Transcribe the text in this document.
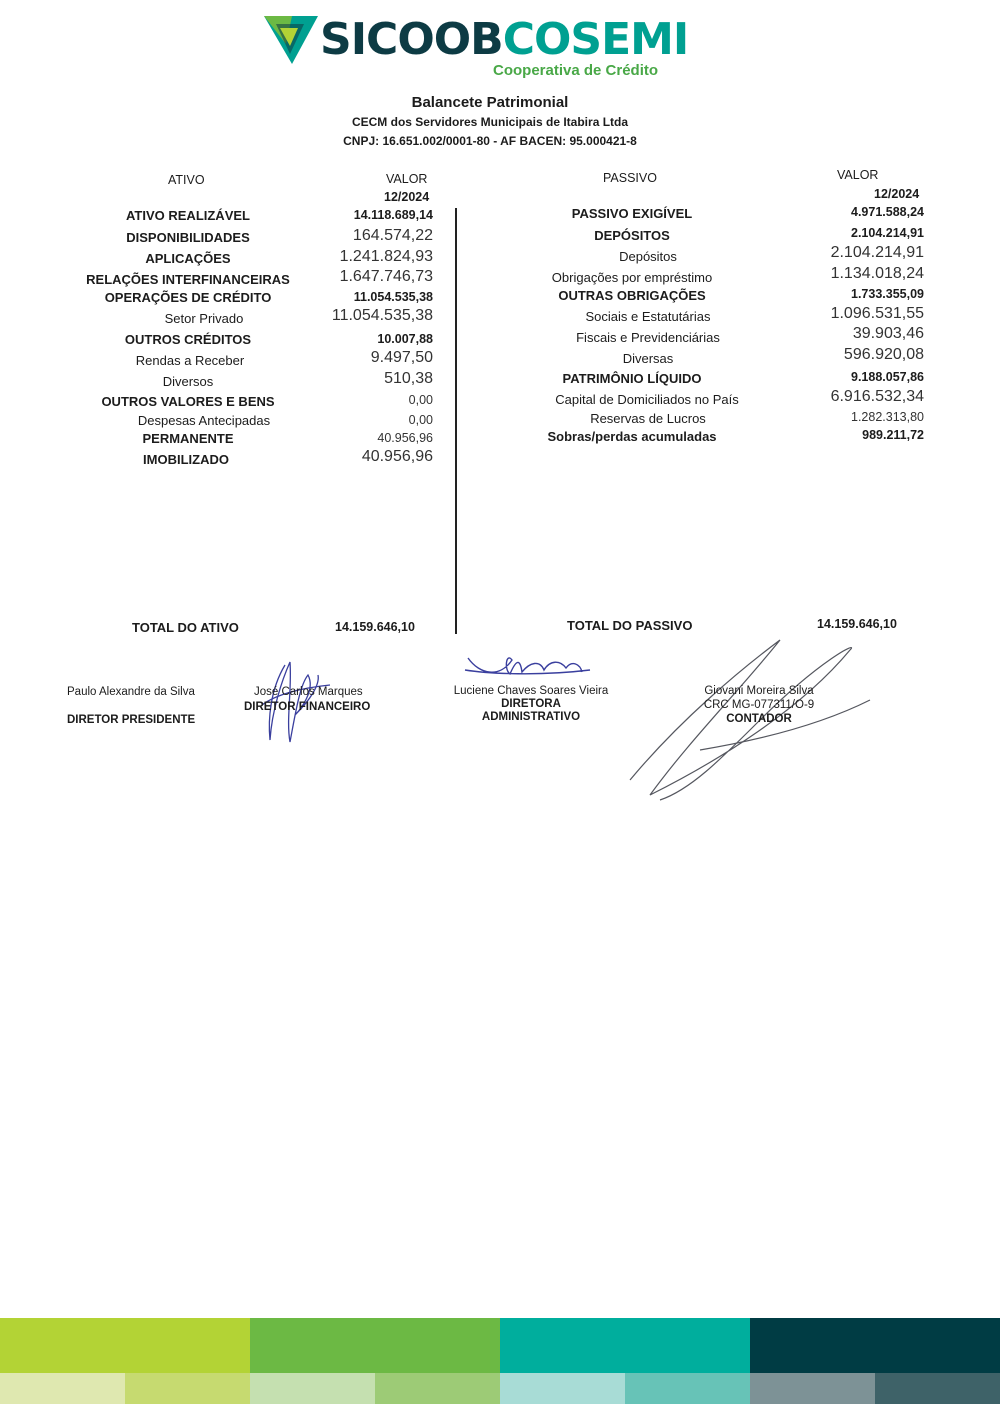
SICOOBCOSEMI
Cooperativa de Crédito
Balancete Patrimonial
CECM dos Servidores Municipais de Itabira Ltda
CNPJ: 16.651.002/0001-80 - AF BACEN: 95.000421-8
ATIVO	VALOR
12/2024
ATIVO REALIZÁVEL	14.118.689,14
DISPONIBILIDADES	164.574,22
APLICAÇÕES	1.241.824,93
RELAÇÕES INTERFINANCEIRAS	1.647.746,73
OPERAÇÕES DE CRÉDITO	11.054.535,38
Setor Privado	11.054.535,38
OUTROS CRÉDITOS	10.007,88
Rendas a Receber	9.497,50
Diversos	510,38
OUTROS VALORES E BENS	0,00
Despesas Antecipadas	0,00
PERMANENTE	40.956,96
IMOBILIZADO	40.956,96
PASSIVO	VALOR
12/2024
PASSIVO EXIGÍVEL	4.971.588,24
DEPÓSITOS	2.104.214,91
Depósitos	2.104.214,91
Obrigações por empréstimo	1.134.018,24
OUTRAS OBRIGAÇÕES	1.733.355,09
Sociais e Estatutárias	1.096.531,55
Fiscais e Previdenciárias	39.903,46
Diversas	596.920,08
PATRIMÔNIO LÍQUIDO	9.188.057,86
Capital de Domiciliados no País	6.916.532,34
Reservas de Lucros	1.282.313,80
Sobras/perdas acumuladas	989.211,72
TOTAL DO ATIVO	14.159.646,10	TOTAL DO PASSIVO	14.159.646,10
Paulo Alexandre da Silva
DIRETOR PRESIDENTE
José Carlos Marques
DIRETOR FINANCEIRO
Luciene Chaves Soares Vieira
DIRETORA
ADMINISTRATIVO
Giovani Moreira Silva
CRC MG-077311/O-9
CONTADOR
